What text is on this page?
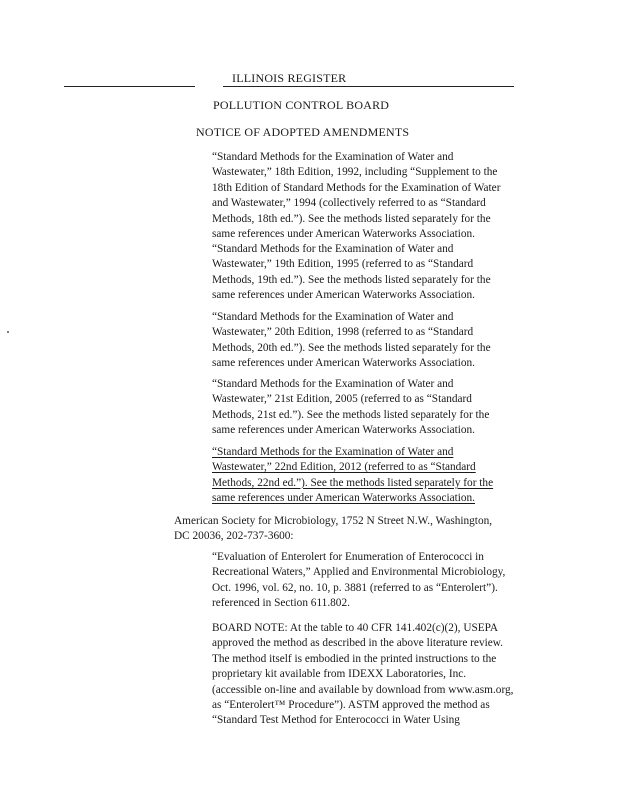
ILLINOIS REGISTER
POLLUTION CONTROL BOARD
NOTICE OF ADOPTED AMENDMENTS
“Standard Methods for the Examination of Water and
Wastewater,” 18th Edition, 1992, including “Supplement to the
18th Edition of Standard Methods for the Examination of Water
and Wastewater,” 1994 (collectively referred to as “Standard
Methods, 18th ed.”). See the methods listed separately for the
same references under American Waterworks Association.
“Standard Methods for the Examination of Water and
Wastewater,” 19th Edition, 1995 (referred to as “Standard
Methods, 19th ed.”). See the methods listed separately for the
same references under American Waterworks Association.
“Standard Methods for the Examination of Water and
Wastewater,” 20th Edition, 1998 (referred to as “Standard
Methods, 20th ed.”). See the methods listed separately for the
same references under American Waterworks Association.
“Standard Methods for the Examination of Water and
Wastewater,” 21st Edition, 2005 (referred to as “Standard
Methods, 21st ed.”). See the methods listed separately for the
same references under American Waterworks Association.
“Standard Methods for the Examination of Water and
Wastewater,” 22nd Edition, 2012 (referred to as “Standard
Methods, 22nd ed.”). See the methods listed separately for the
same references under American Waterworks Association.
American Society for Microbiology, 1752 N Street N.W., Washington,
DC 20036, 202-737-3600:
“Evaluation of Enterolert for Enumeration of Enterococci in
Recreational Waters,” Applied and Environmental Microbiology,
Oct. 1996, vol. 62, no. 10, p. 3881 (referred to as “Enterolert”).
referenced in Section 611.802.
BOARD NOTE: At the table to 40 CFR 141.402(c)(2), USEPA
approved the method as described in the above literature review.
The method itself is embodied in the printed instructions to the
proprietary kit available from IDEXX Laboratories, Inc.
(accessible on-line and available by download from www.asm.org,
as “Enterolert™ Procedure”). ASTM approved the method as
“Standard Test Method for Enterococci in Water Using
